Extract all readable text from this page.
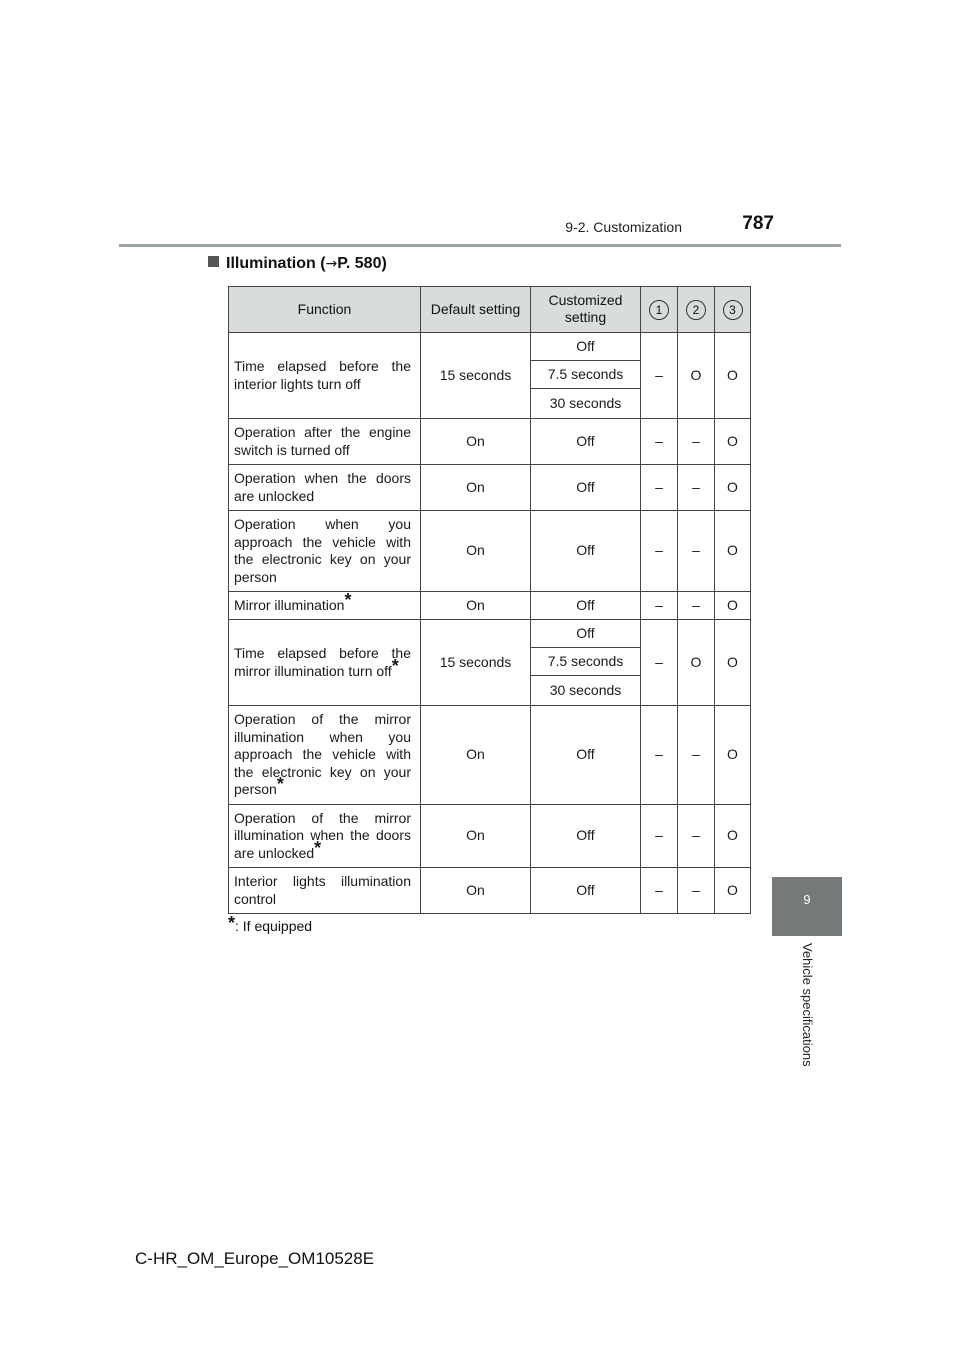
9-2. Customization	787
Illumination (→P. 580)
Function	Default setting	Customized setting	1	2	3
Time elapsed before the interior lights turn off	15 seconds	Off	–	O	O
		7.5 seconds			
		30 seconds			
Operation after the engine switch is turned off	On	Off	–	–	O
Operation when the doors are unlocked	On	Off	–	–	O
Operation when you approach the vehicle with the electronic key on your person	On	Off	–	–	O
Mirror illumination*	On	Off	–	–	O
Time elapsed before the mirror illumination turn off*	15 seconds	Off	–	O	O
		7.5 seconds			
		30 seconds			
Operation of the mirror illumination when you approach the vehicle with the electronic key on your person*	On	Off	–	–	O
Operation of the mirror illumination when the doors are unlocked*	On	Off	–	–	O
Interior lights illumination control	On	Off	–	–	O
*: If equipped
9
Vehicle specifications
C-HR_OM_Europe_OM10528E
